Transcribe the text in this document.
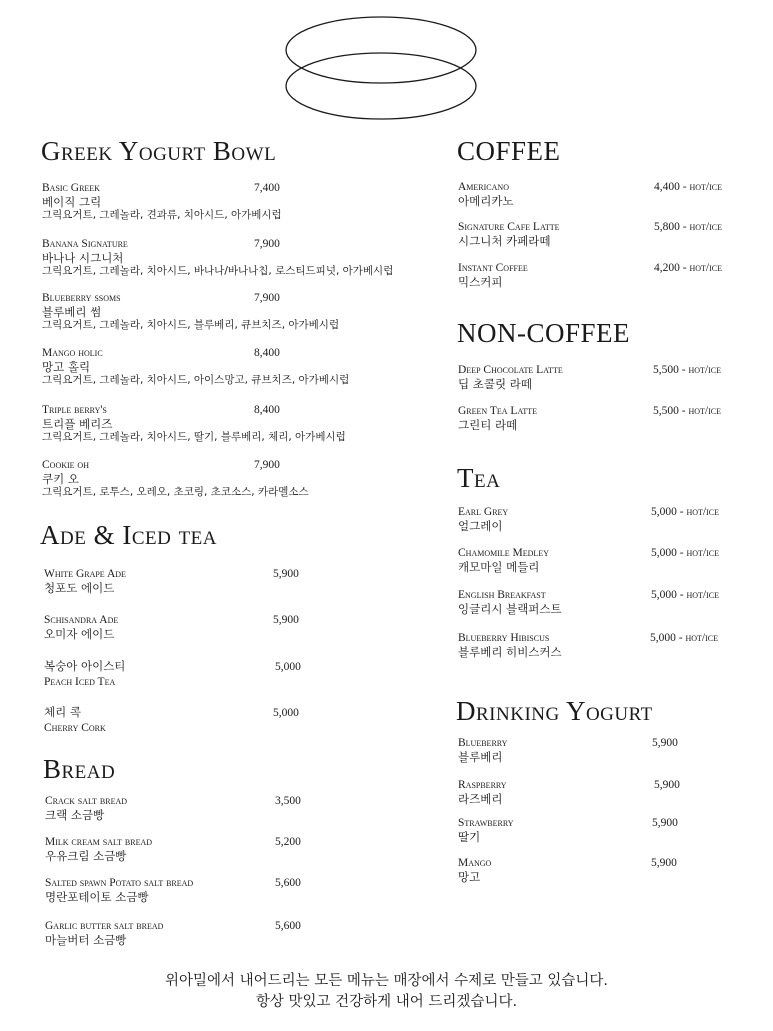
Greek Yogurt Bowl
Basic Greek
베이직 그릭
그릭요거트, 그레놀라, 견과류, 치아시드, 아가베시럽
7,400
Banana Signature
바나나 시그니처
그릭요거트, 그레놀라, 치아시드, 바나나/바나나칩, 로스티드피넛, 아가베시럽
7,900
Blueberry ssoms
블루베리 썸
그릭요거트, 그레놀라, 치아시드, 블루베리, 큐브치즈, 아가베시럽
7,900
Mango holic
망고 홀릭
그릭요거트, 그레놀라, 치아시드, 아이스망고, 큐브치즈, 아가베시럽
8,400
Triple berry's
트리플 베리즈
그릭요거트, 그레놀라, 치아시드, 딸기, 블루베리, 체리, 아가베시럽
8,400
Cookie oh
쿠키 오
그릭요거트, 로투스, 오레오, 초코링, 초코소스, 카라멜소스
7,900
Ade & Iced tea
White Grape Ade
청포도 에이드
5,900
Schisandra Ade
오미자 에이드
5,900
복숭아 아이스티
Peach Iced Tea
5,000
체리 콕
Cherry Cork
5,000
Bread
Crack salt bread
크랙 소금빵
3,500
Milk cream salt bread
우유크림 소금빵
5,200
Salted spawn Potato salt bread
명란포테이토 소금빵
5,600
Garlic butter salt bread
마늘버터 소금빵
5,600
COFFEE
Americano
아메리카노
4,400 - hot/ice
Signature Cafe Latte
시그니처 카페라떼
5,800 - hot/ice
Instant Coffee
믹스커피
4,200 - hot/ice
NON-COFFEE
Deep Chocolate Latte
딥 초콜릿 라떼
5,500 - hot/ice
Green Tea Latte
그린티 라떼
5,500 - hot/ice
Tea
Earl Grey
얼그레이
5,000 - hot/ice
Chamomile Medley
캐모마일 메들리
5,000 - hot/ice
English Breakfast
잉글리시 블랙퍼스트
5,000 - hot/ice
Blueberry Hibiscus
블루베리 히비스커스
5,000 - hot/ice
Drinking Yogurt
Blueberry
블루베리
5,900
Raspberry
라즈베리
5,900
Strawberry
딸기
5,900
Mango
망고
5,900
위아밀에서 내어드리는 모든 메뉴는 매장에서 수제로 만들고 있습니다.
항상 맛있고 건강하게 내어 드리겠습니다.
